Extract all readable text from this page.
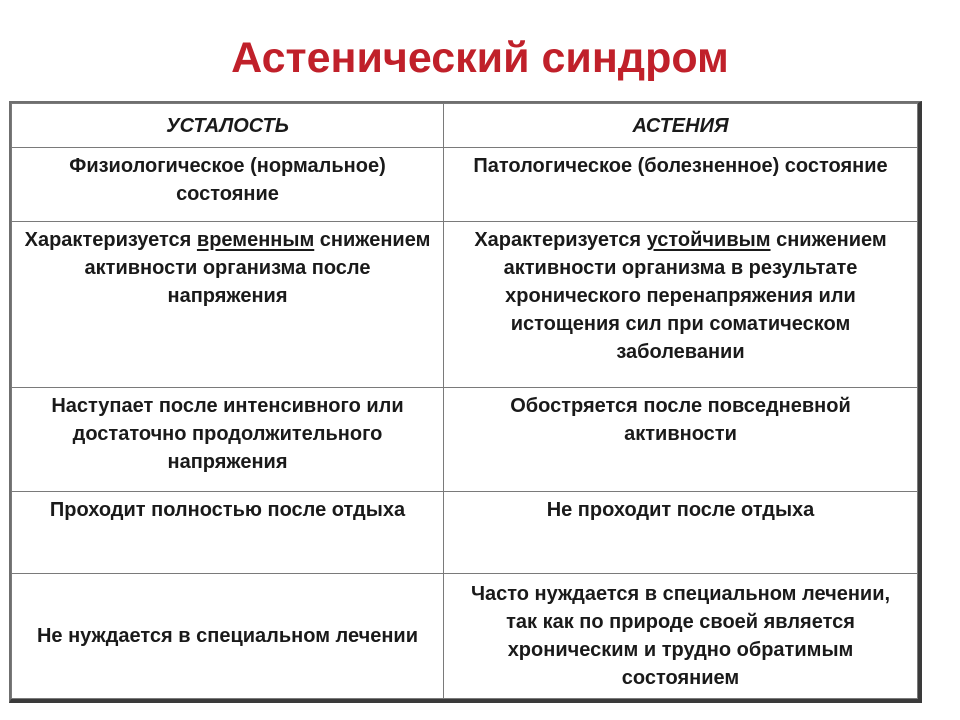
Астенический синдром
УСТАЛОСТЬ	АСТЕНИЯ
Физиологическое (нормальное) состояние	Патологическое (болезненное) состояние
Характеризуется временным снижением активности организма после напряжения	Характеризуется устойчивым снижением активности организма в результате хронического перенапряжения или истощения сил при соматическом заболевании
Наступает после интенсивного или достаточно продолжительного напряжения	Обостряется после повседневной активности
Проходит полностью после отдыха	Не проходит после отдыха
Не нуждается в специальном лечении	Часто нуждается в специальном лечении, так как по природе своей является хроническим и трудно обратимым состоянием
